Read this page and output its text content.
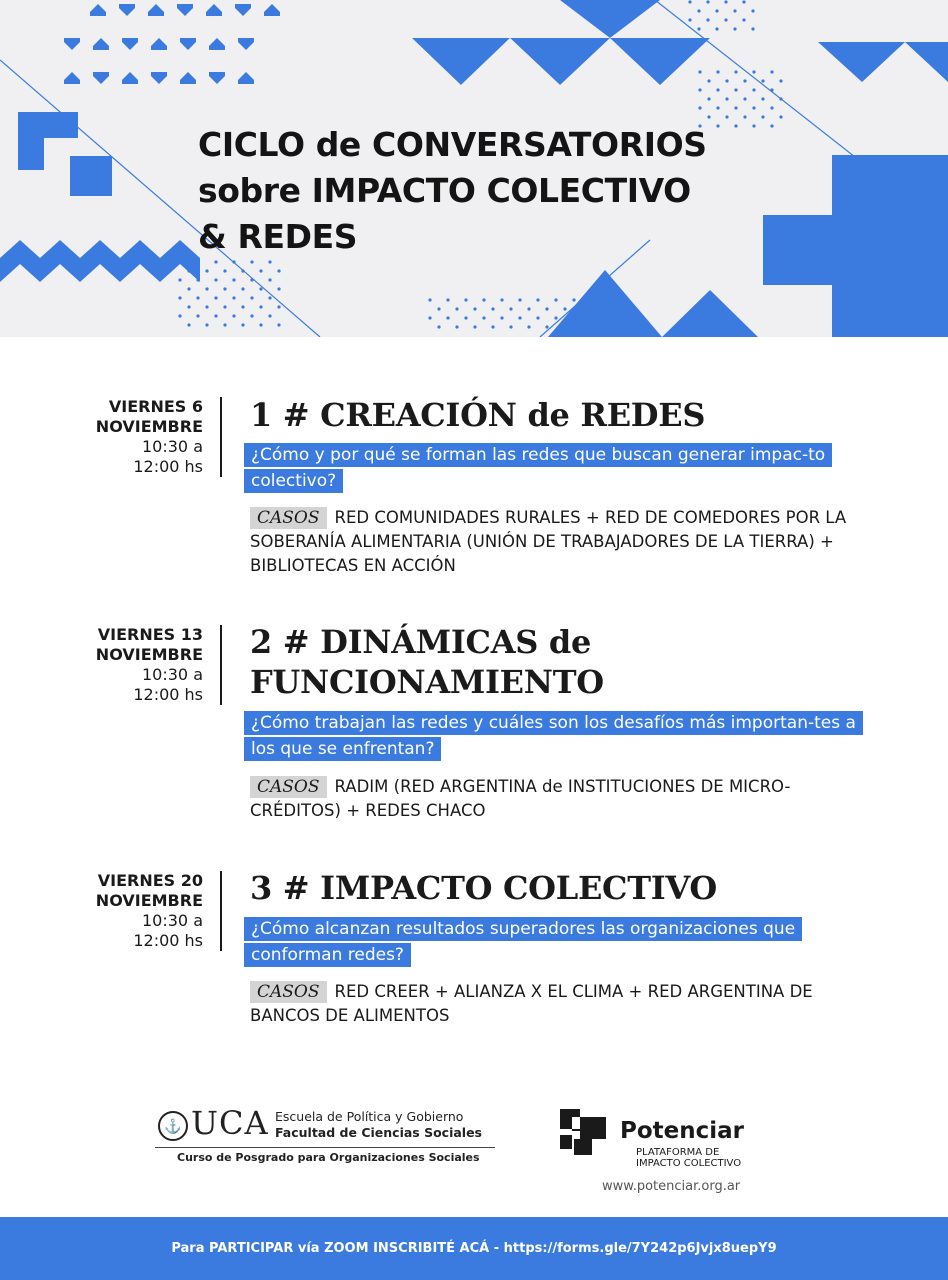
CICLO de CONVERSATORIOS
sobre IMPACTO COLECTIVO
& REDES
VIERNES 6
NOVIEMBRE
10:30 a
12:00 hs
1 # CREACIÓN de REDES
¿Cómo y por qué se forman las redes que buscan generar impac-to colectivo?
CASOS RED COMUNIDADES RURALES + RED DE COMEDORES POR LA SOBERANÍA ALIMENTARIA (UNIÓN DE TRABAJADORES DE LA TIERRA) + BIBLIOTECAS EN ACCIÓN
VIERNES 13
NOVIEMBRE
10:30 a
12:00 hs
2 # DINÁMICAS de
FUNCIONAMIENTO
¿Cómo trabajan las redes y cuáles son los desafíos más importan-tes a los que se enfrentan?
CASOS RADIM (RED ARGENTINA de INSTITUCIONES DE MICRO-CRÉDITOS) + REDES CHACO
VIERNES 20
NOVIEMBRE
10:30 a
12:00 hs
3 # IMPACTO COLECTIVO
¿Cómo alcanzan resultados superadores las organizaciones que conforman redes?
CASOS RED CREER + ALIANZA X EL CLIMA + RED ARGENTINA DE BANCOS DE ALIMENTOS
⚓ UCA Escuela de Política y Gobierno
Facultad de Ciencias Sociales
Curso de Posgrado para Organizaciones Sociales
Potenciar
PLATAFORMA DE IMPACTO COLECTIVO
www.potenciar.org.ar
Para PARTICIPAR vía ZOOM INSCRIBITÉ ACÁ - https://forms.gle/7Y242p6Jvjx8uepY9
